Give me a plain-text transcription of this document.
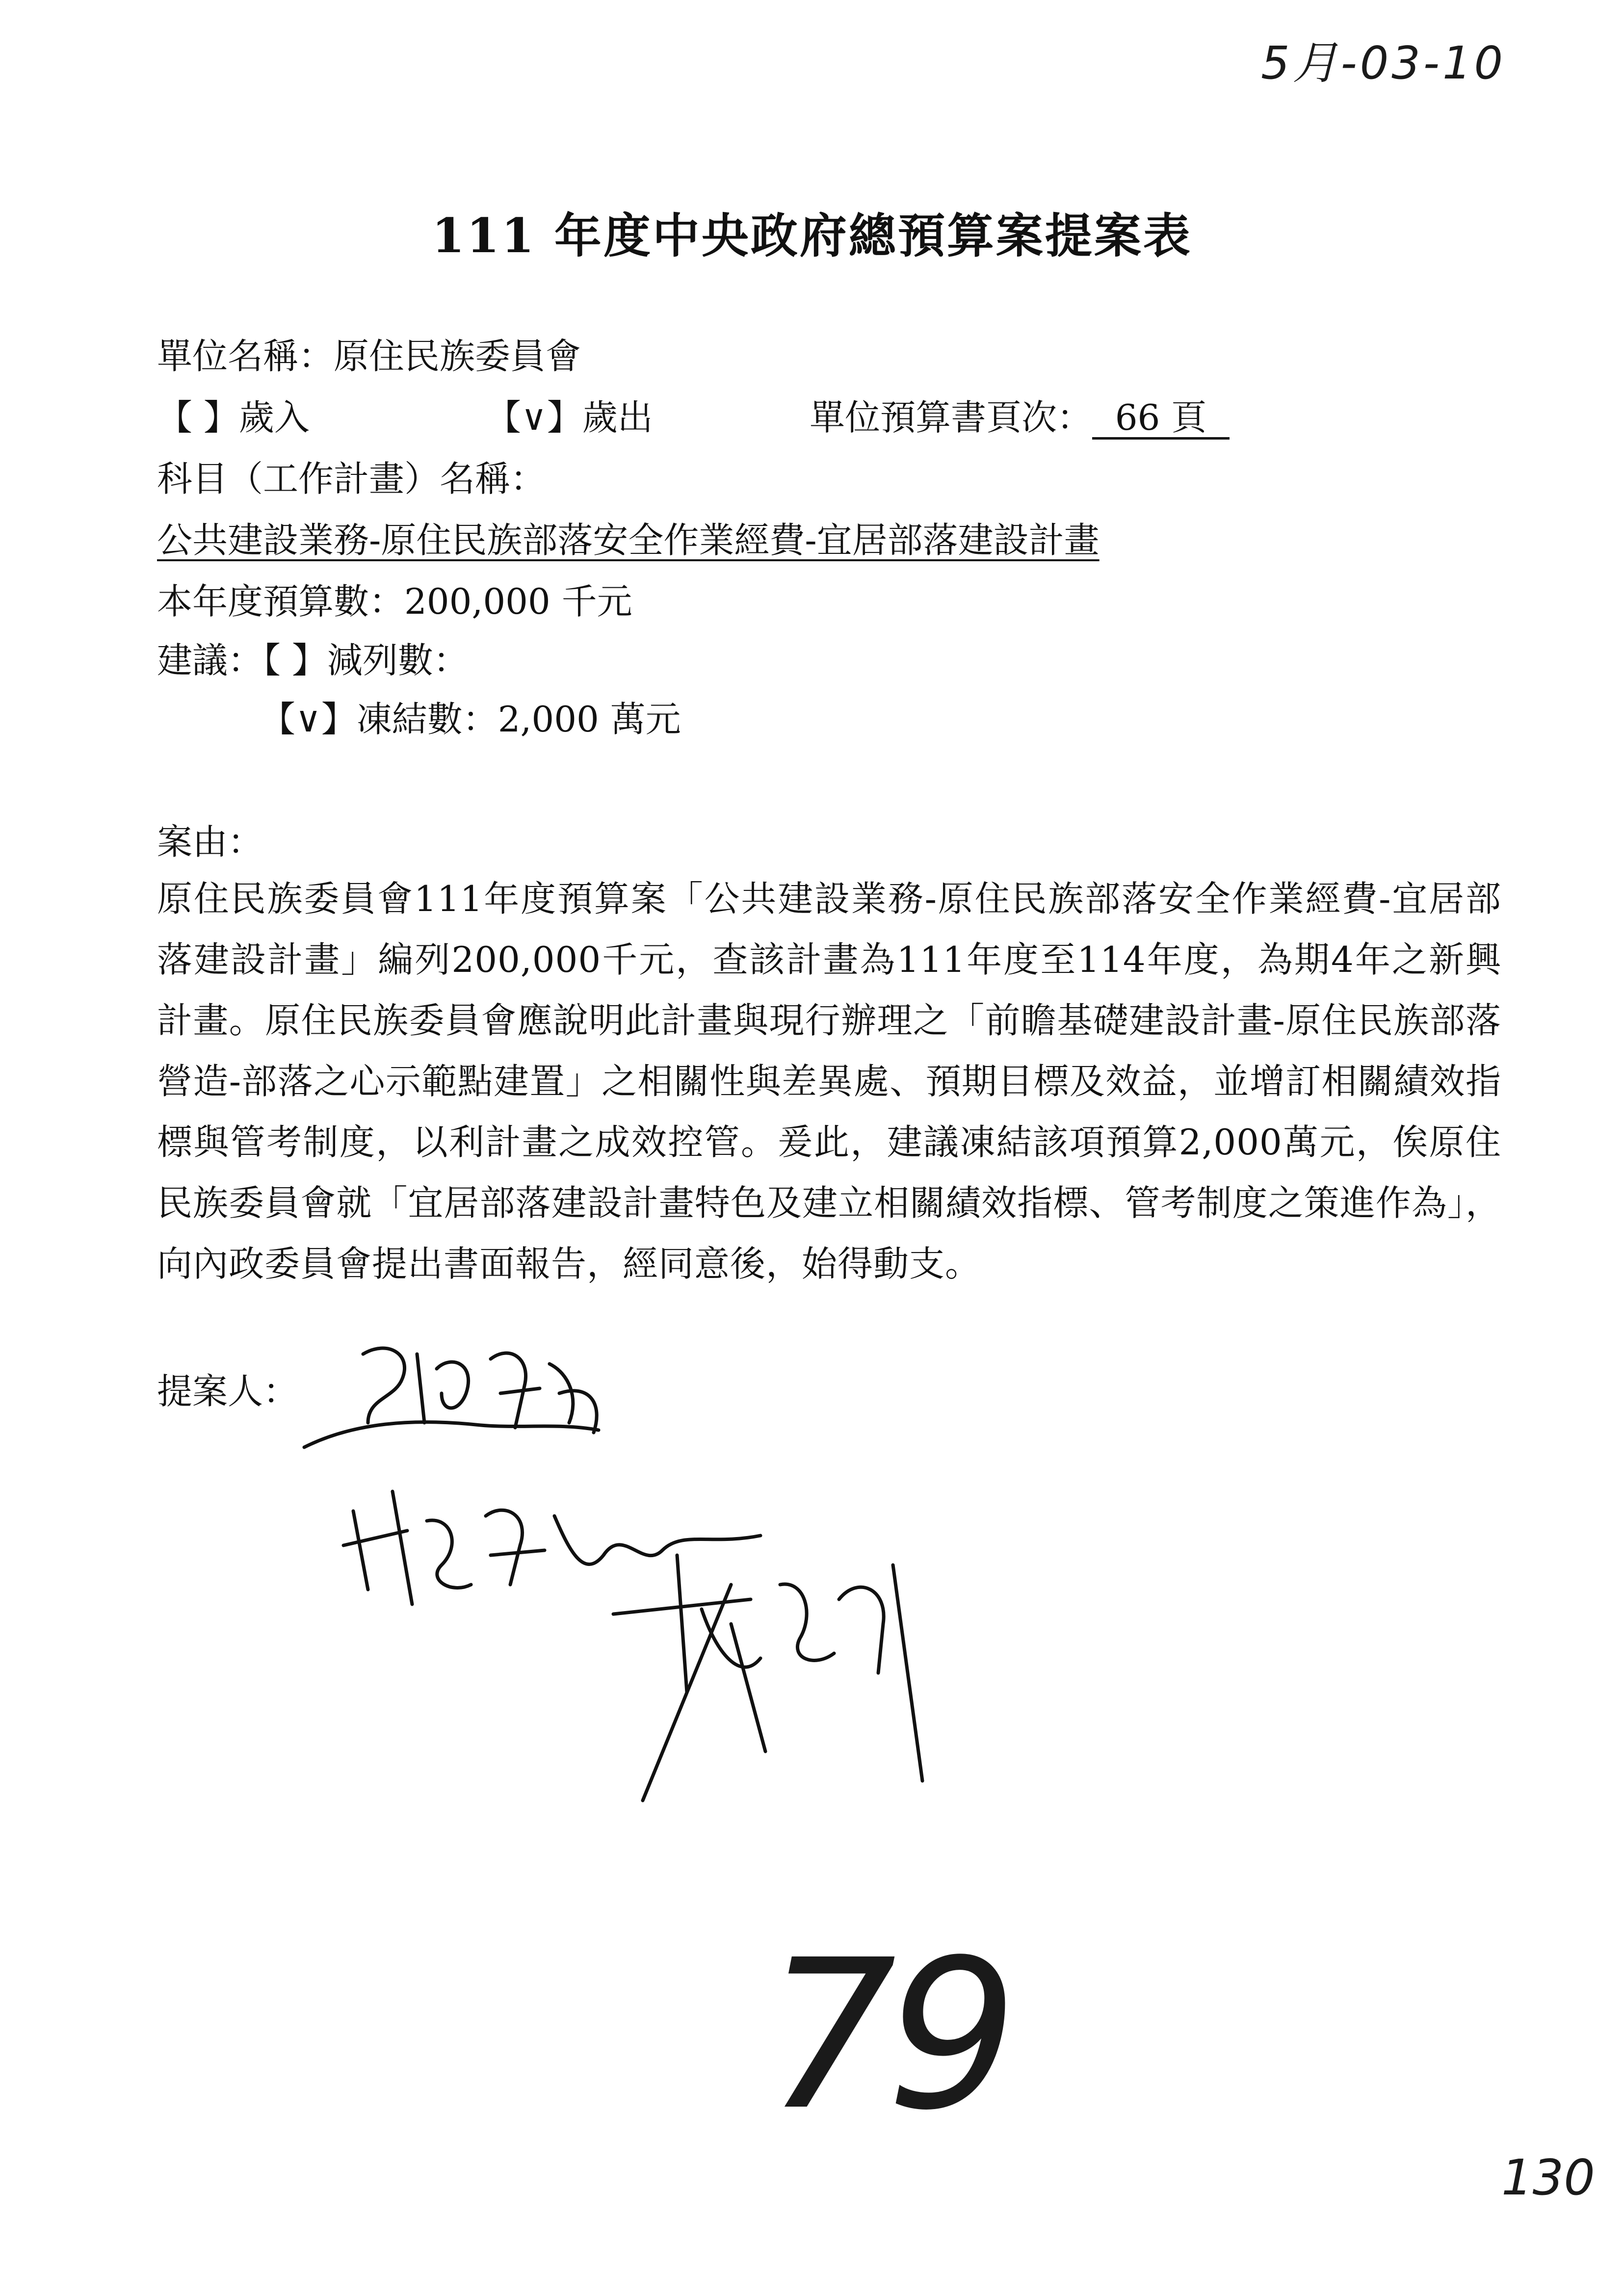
5月-03-10
111 年度中央政府總預算案提案表
單位名稱：原住民族委員會
【 】歲入	【∨】歲出	單位預算書頁次： 66 頁
科目（工作計畫）名稱：
公共建設業務-原住民族部落安全作業經費-宜居部落建設計畫
本年度預算數：200,000 千元
建議：【 】減列數：
【∨】凍結數：2,000 萬元
案由：
原住民族委員會111年度預算案「公共建設業務-原住民族部落安全作業經費-宜居部落建設計畫」編列200,000千元，查該計畫為111年度至114年度，為期4年之新興計畫。原住民族委員會應說明此計畫與現行辦理之「前瞻基礎建設計畫-原住民族部落營造-部落之心示範點建置」之相關性與差異處、預期目標及效益，並增訂相關績效指標與管考制度，以利計畫之成效控管。爰此，建議凍結該項預算2,000萬元，俟原住民族委員會就「宜居部落建設計畫特色及建立相關績效指標、管考制度之策進作為」，向內政委員會提出書面報告，經同意後，始得動支。
提案人：
79
130
